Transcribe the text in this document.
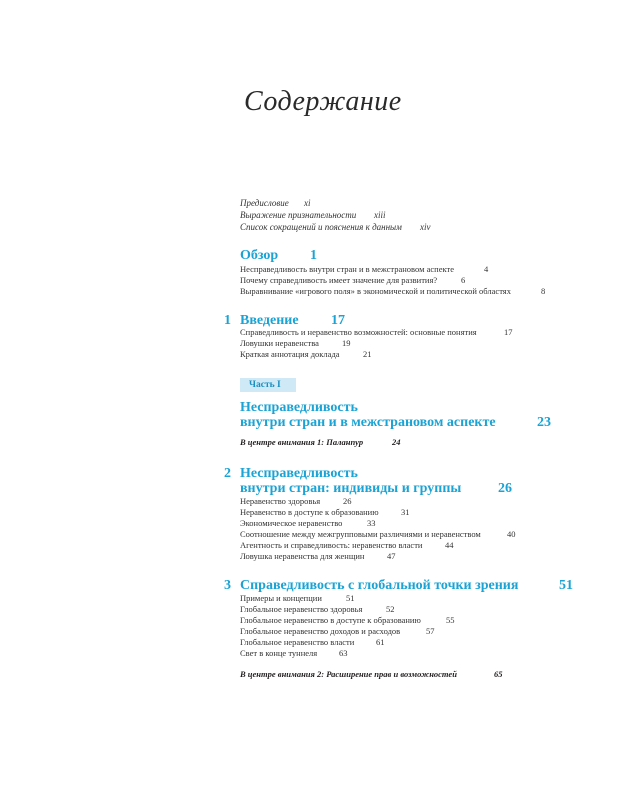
Содержание
Предисловие xi
Выражение признательности xiii
Список сокращений и пояснения к данным xiv
Обзор 1
Несправедливость внутри стран и в межстрановом аспекте	4
Почему справедливость имеет значение для развития?	6
Выравнивание «игрового поля» в экономической и политической областях	8
1 Введение 17
Справедливость и неравенство возможностей: основные понятия	17
Ловушки неравенства	19
Краткая аннотация доклада	21
Часть I
Несправедливость
внутри стран и в межстрановом аспекте	23
В центре внимания 1: Паланпур	24
2 Несправедливость
внутри стран: индивиды и группы	26
Неравенство здоровья	26
Неравенство в доступе к образованию	31
Экономическое неравенство	33
Соотношение между межгрупповыми различиями и неравенством	40
Агентность и справедливость: неравенство власти	44
Ловушка неравенства для женщин	47
3 Справедливость с глобальной точки зрения	51
Примеры и концепции	51
Глобальное неравенство здоровья	52
Глобальное неравенство в доступе к образованию	55
Глобальное неравенство доходов и расходов	57
Глобальное неравенство власти	61
Свет в конце туннеля	63
В центре внимания 2: Расширение прав и возможностей	65
